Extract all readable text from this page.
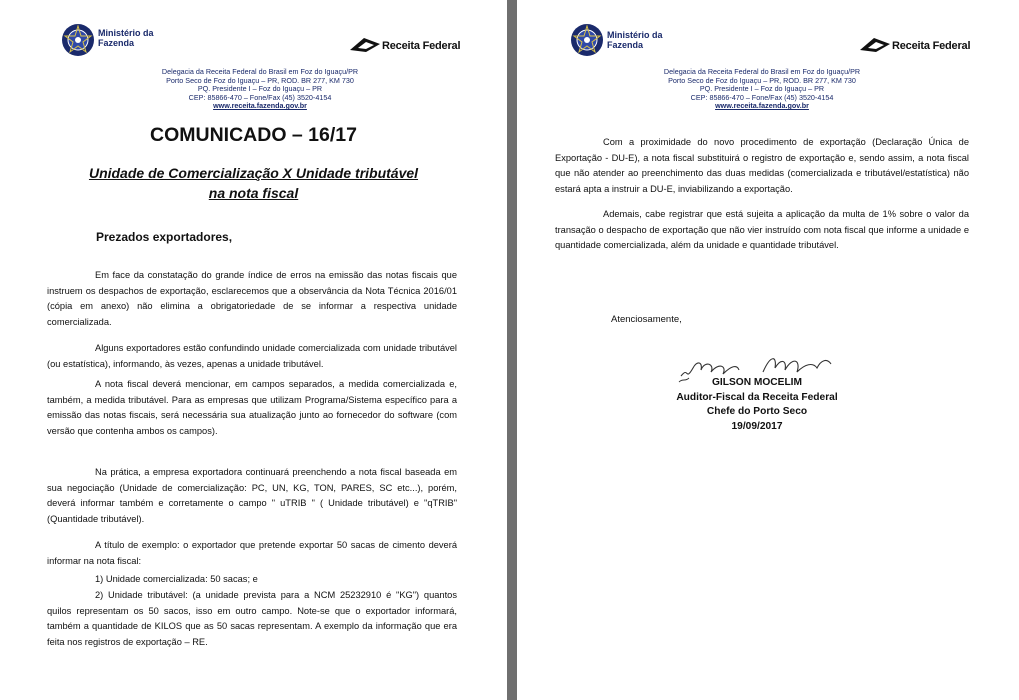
Ministério da
Fazenda	Receita Federal
Delegacia da Receita Federal do Brasil em Foz do Iguaçu/PR
Porto Seco de Foz do Iguaçu – PR, ROD. BR 277, KM 730
PQ. Presidente I – Foz do Iguaçu – PR
CEP: 85866-470 – Fone/Fax (45) 3520-4154
www.receita.fazenda.gov.br
COMUNICADO – 16/17
Unidade de Comercialização X Unidade tributável
na nota fiscal
Prezados exportadores,
Em face da constatação do grande índice de erros na emissão das notas fiscais que instruem os despachos de exportação, esclarecemos que a observância da Nota Técnica 2016/01 (cópia em anexo) não elimina a obrigatoriedade de se informar a respectiva unidade comercializada.
Alguns exportadores estão confundindo unidade comercializada com unidade tributável (ou estatística), informando, às vezes, apenas a unidade tributável.
A nota fiscal deverá mencionar, em campos separados, a medida comercializada e, também, a medida tributável. Para as empresas que utilizam Programa/Sistema específico para a emissão das notas fiscais, será necessária sua atualização junto ao fornecedor do software (com versão que contenha ambos os campos).
Na prática, a empresa exportadora continuará preenchendo a nota fiscal baseada em sua negociação (Unidade de comercialização: PC, UN, KG, TON, PARES, SC etc...), porém, deverá informar também e corretamente o campo " uTRIB " ( Unidade tributável) e "qTRIB" (Quantidade tributável).
A título de exemplo: o exportador que pretende exportar 50 sacas de cimento deverá informar na nota fiscal:
1) Unidade comercializada: 50 sacas; e
2) Unidade tributável: (a unidade prevista para a NCM 25232910 é "KG") quantos quilos representam os 50 sacos, isso em outro campo. Note-se que o exportador informará, também a quantidade de KILOS que as 50 sacas representam. A exemplo da informação que era feita nos registros de exportação – RE.
Ministério da
Fazenda	Receita Federal
Delegacia da Receita Federal do Brasil em Foz do Iguaçu/PR
Porto Seco de Foz do Iguaçu – PR, ROD. BR 277, KM 730
PQ. Presidente I – Foz do Iguaçu – PR
CEP: 85866-470 – Fone/Fax (45) 3520-4154
www.receita.fazenda.gov.br
Com a proximidade do novo procedimento de exportação (Declaração Única de Exportação - DU-E), a nota fiscal substituirá o registro de exportação e, sendo assim, a nota fiscal que não atender ao preenchimento das duas medidas (comercializada e tributável/estatística) não estará apta a instruir a DU-E, inviabilizando a exportação.
Ademais, cabe registrar que está sujeita a aplicação da multa de 1% sobre o valor da transação o despacho de exportação que não vier instruído com nota fiscal que informe a unidade e quantidade comercializada, além da unidade e quantidade tributável.
Atenciosamente,
GILSON MOCELIM
Auditor-Fiscal da Receita Federal
Chefe do Porto Seco
19/09/2017
